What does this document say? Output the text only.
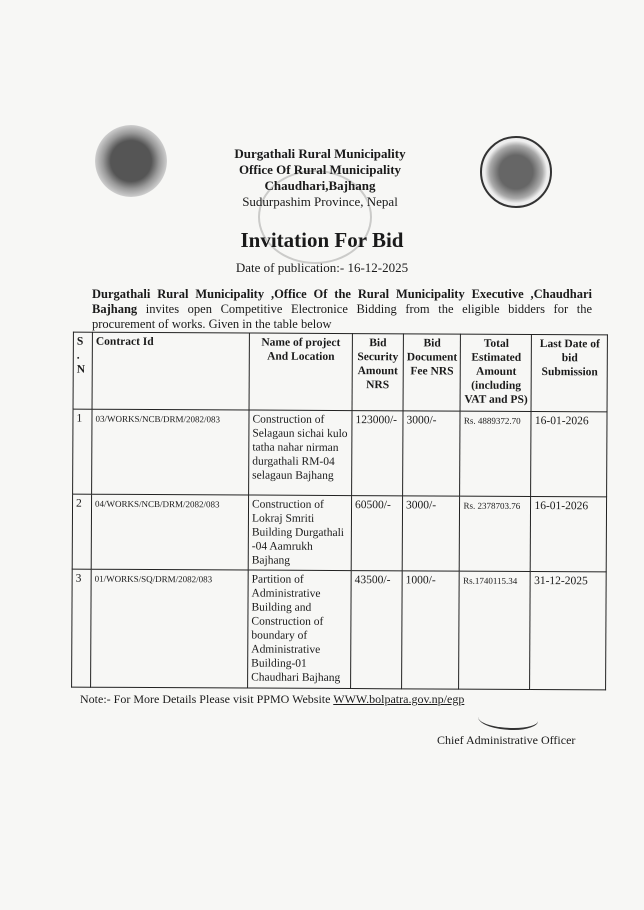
Durgathali Rural Municipality
Office Of Rural Municipality
Chaudhari,Bajhang
Sudurpashim Province, Nepal
Invitation For Bid
Date of publication:- 16-12-2025
Durgathali Rural Municipality ,Office Of the Rural Municipality Executive ,Chaudhari Bajhang invites open Competitive Electronice Bidding from the eligible bidders for the procurement of works. Given in the table below
S . N	Contract Id	Name of project And Location	Bid Security Amount NRS	Bid Document Fee NRS	Total Estimated Amount (including VAT and PS)	Last Date of bid Submission
1	03/WORKS/NCB/DRM/2082/083	Construction of Selagaun sichai kulo tatha nahar nirman durgathali RM-04 selagaun Bajhang	123000/-	3000/-	Rs. 4889372.70	16-01-2026
2	04/WORKS/NCB/DRM/2082/083	Construction of Lokraj Smriti Building Durgathali -04 Aamrukh Bajhang	60500/-	3000/-	Rs. 2378703.76	16-01-2026
3	01/WORKS/SQ/DRM/2082/083	Partition of Administrative Building and Construction of boundary of Administrative Building-01 Chaudhari Bajhang	43500/-	1000/-	Rs.1740115.34	31-12-2025
Note:- For More Details Please visit PPMO Website WWW.bolpatra.gov.np/egp
Chief Administrative Officer
